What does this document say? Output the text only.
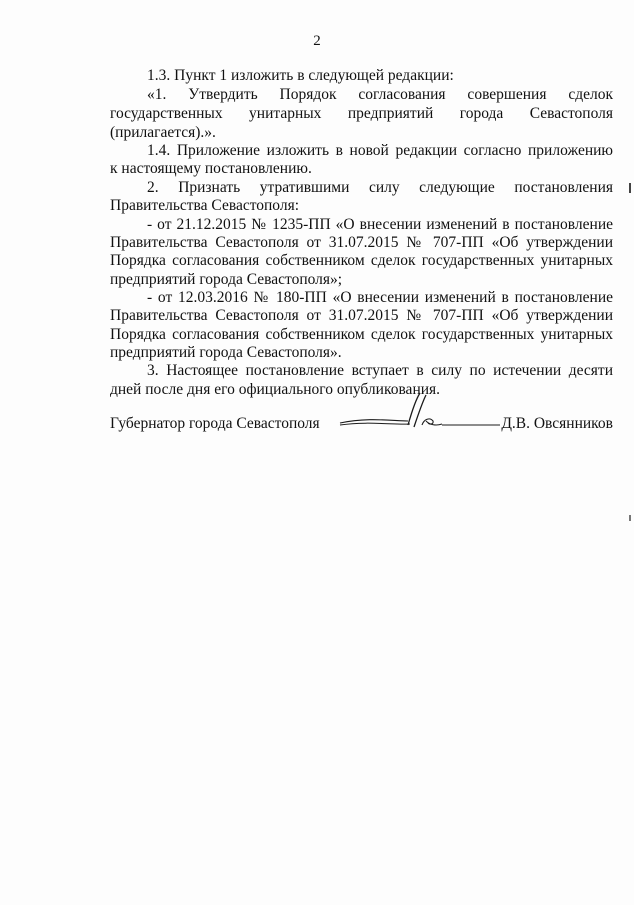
2
1.3. Пункт 1 изложить в следующей редакции:
«1. Утвердить Порядок согласования совершения сделок
государственных унитарных предприятий города Севастополя
(прилагается).».
1.4. Приложение изложить в новой редакции согласно приложению
к настоящему постановлению.
2. Признать утратившими силу следующие постановления
Правительства Севастополя:
- от 21.12.2015 № 1235-ПП «О внесении изменений в постановление
Правительства Севастополя от 31.07.2015 № 707-ПП «Об утверждении
Порядка согласования собственником сделок государственных унитарных
предприятий города Севастополя»;
- от 12.03.2016 № 180-ПП «О внесении изменений в постановление
Правительства Севастополя от 31.07.2015 № 707-ПП «Об утверждении
Порядка согласования собственником сделок государственных унитарных
предприятий города Севастополя».
3. Настоящее постановление вступает в силу по истечении десяти
дней после дня его официального опубликования.
Губернатор города Севастополя	Д.В. Овсянников
